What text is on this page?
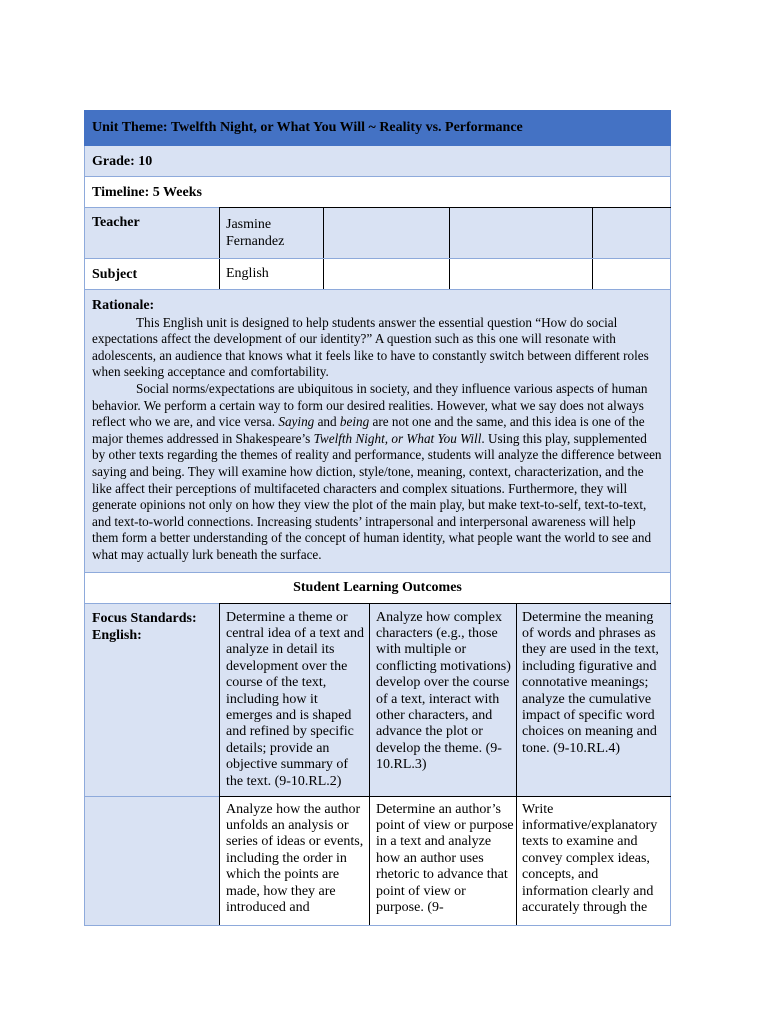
Unit Theme: Twelfth Night, or What You Will ~ Reality vs. Performance
Grade: 10
Timeline: 5 Weeks
Teacher	Jasmine Fernandez
Subject	English
Rationale:

This English unit is designed to help students answer the essential question “How do social expectations affect the development of our identity?” A question such as this one will resonate with adolescents, an audience that knows what it feels like to have to constantly switch between different roles when seeking acceptance and comfortability.

Social norms/expectations are ubiquitous in society, and they influence various aspects of human behavior. We perform a certain way to form our desired realities. However, what we say does not always reflect who we are, and vice versa. Saying and being are not one and the same, and this idea is one of the major themes addressed in Shakespeare’s Twelfth Night, or What You Will. Using this play, supplemented by other texts regarding the themes of reality and performance, students will analyze the difference between saying and being. They will examine how diction, style/tone, meaning, context, characterization, and the like affect their perceptions of multifaceted characters and complex situations. Furthermore, they will generate opinions not only on how they view the plot of the main play, but make text-to-self, text-to-text, and text-to-world connections. Increasing students’ intrapersonal and interpersonal awareness will help them form a better understanding of the concept of human identity, what people want the world to see and what may actually lurk beneath the surface.

Student Learning Outcomes
Focus Standards: English:
Determine a theme or central idea of a text and analyze in detail its development over the course of the text, including how it emerges and is shaped and refined by specific details; provide an objective summary of the text. (9-10.RL.2)
Analyze how complex characters (e.g., those with multiple or conflicting motivations) develop over the course of a text, interact with other characters, and advance the plot or develop the theme. (9-10.RL.3)
Determine the meaning of words and phrases as they are used in the text, including figurative and connotative meanings; analyze the cumulative impact of specific word choices on meaning and tone. (9-10.RL.4)
Analyze how the author unfolds an analysis or series of ideas or events, including the order in which the points are made, how they are introduced and
Determine an author’s point of view or purpose in a text and analyze how an author uses rhetoric to advance that point of view or purpose. (9-
Write informative/explanatory texts to examine and convey complex ideas, concepts, and information clearly and accurately through the
